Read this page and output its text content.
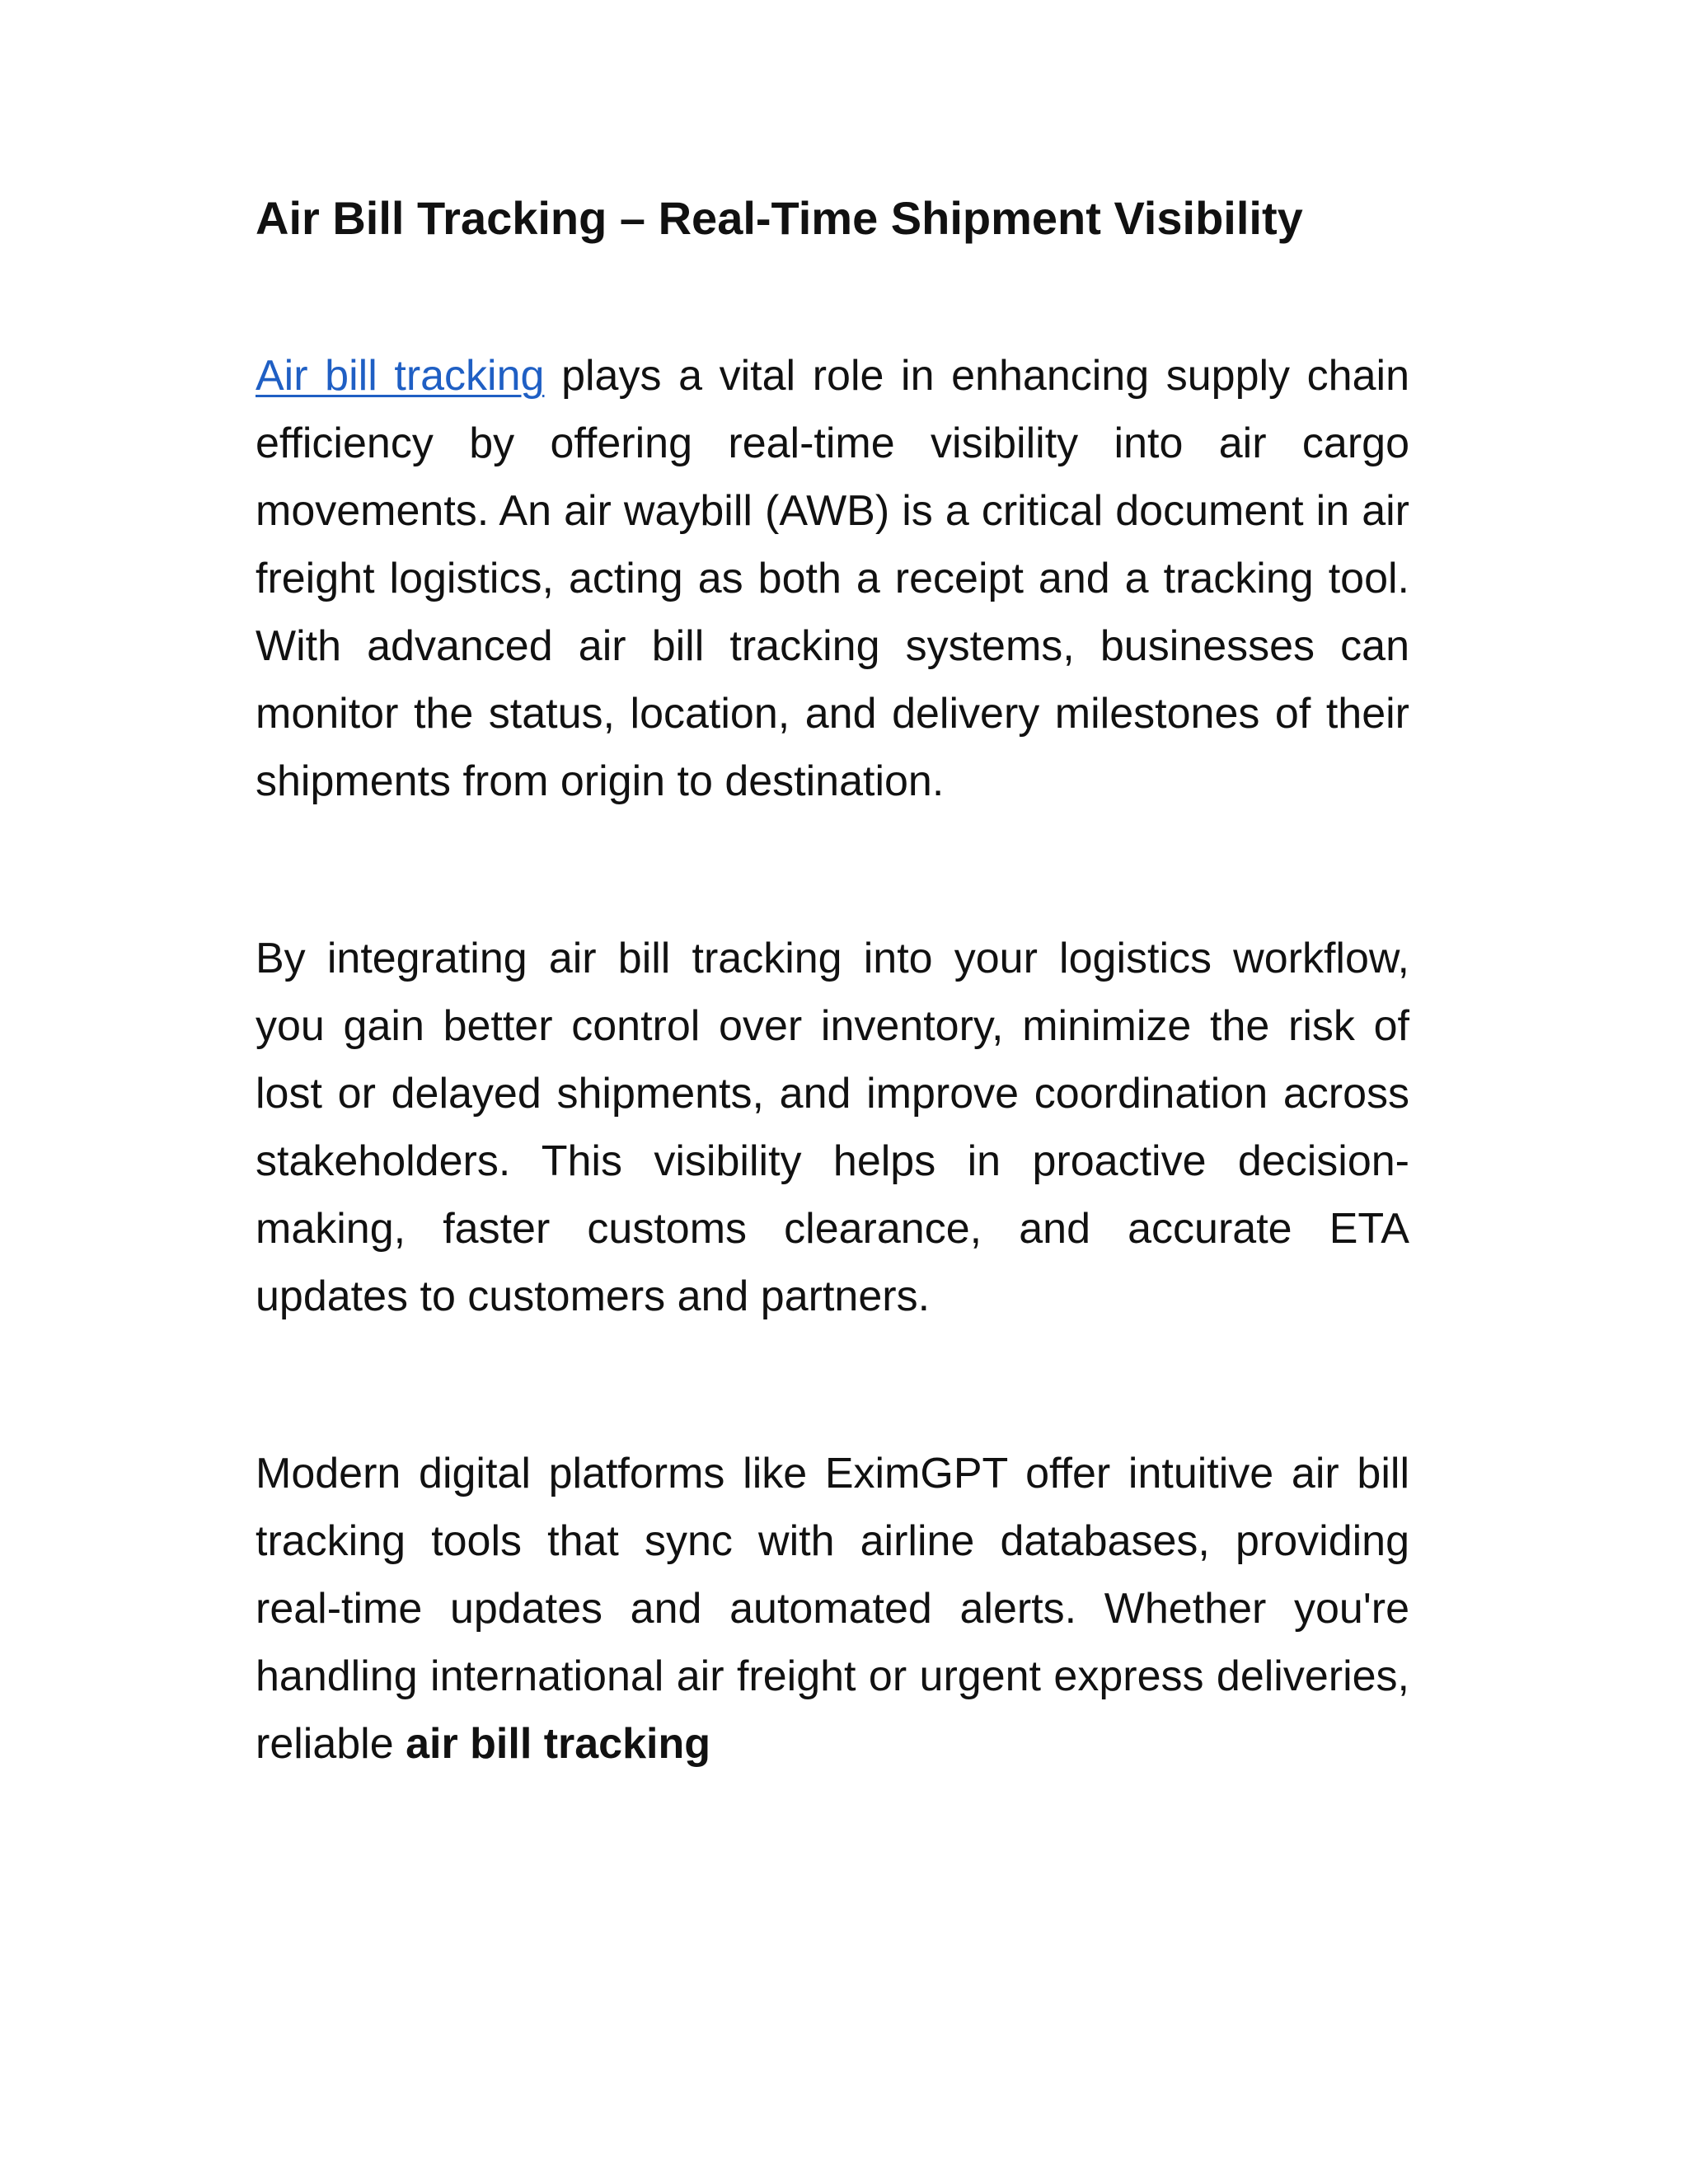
Air Bill Tracking – Real-Time Shipment Visibility

Air bill tracking plays a vital role in enhancing supply chain efficiency by offering real-time visibility into air cargo movements. An air waybill (AWB) is a critical document in air freight logistics, acting as both a receipt and a tracking tool. With advanced air bill tracking systems, businesses can monitor the status, location, and delivery milestones of their shipments from origin to destination.

By integrating air bill tracking into your logistics workflow, you gain better control over inventory, minimize the risk of lost or delayed shipments, and improve coordination across stakeholders. This visibility helps in proactive decision-making, faster customs clearance, and accurate ETA updates to customers and partners.

Modern digital platforms like EximGPT offer intuitive air bill tracking tools that sync with airline databases, providing real-time updates and automated alerts. Whether you're handling international air freight or urgent express deliveries, reliable air bill tracking
